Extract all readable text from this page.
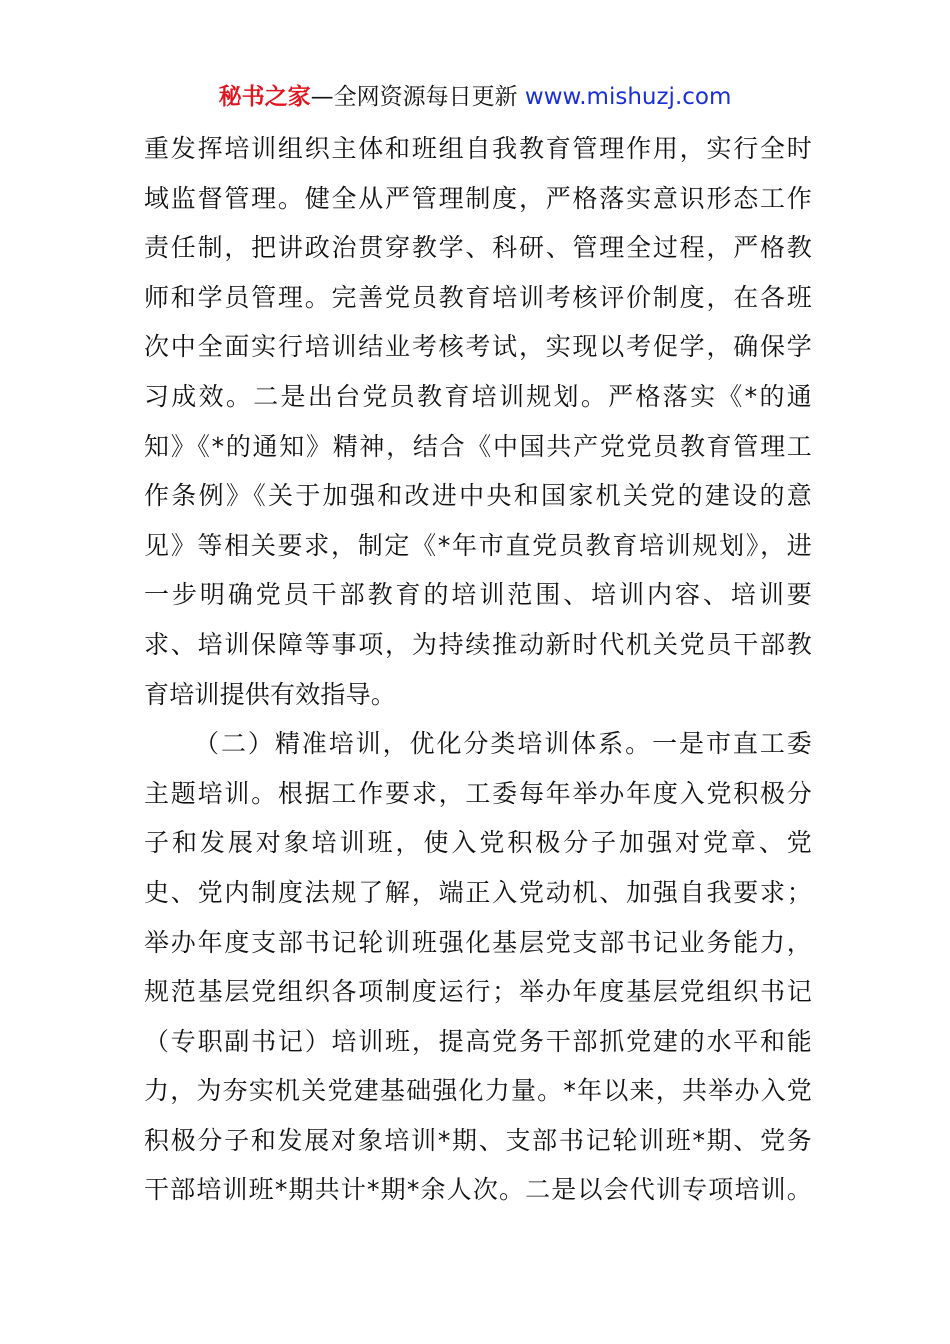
秘书之家—全网资源每日更新 www.mishuzj.com
重发挥培训组织主体和班组自我教育管理作用，实行全时
域监督管理。健全从严管理制度，严格落实意识形态工作
责任制，把讲政治贯穿教学、科研、管理全过程，严格教
师和学员管理。完善党员教育培训考核评价制度，在各班
次中全面实行培训结业考核考试，实现以考促学，确保学
习成效。二是出台党员教育培训规划。严格落实《*的通
知》《*的通知》精神，结合《中国共产党党员教育管理工
作条例》《关于加强和改进中央和国家机关党的建设的意
见》等相关要求，制定《*年市直党员教育培训规划》，进
一步明确党员干部教育的培训范围、培训内容、培训要
求、培训保障等事项，为持续推动新时代机关党员干部教
育培训提供有效指导。
（二）精准培训，优化分类培训体系。一是市直工委
主题培训。根据工作要求，工委每年举办年度入党积极分
子和发展对象培训班，使入党积极分子加强对党章、党
史、党内制度法规了解，端正入党动机、加强自我要求；
举办年度支部书记轮训班强化基层党支部书记业务能力，
规范基层党组织各项制度运行；举办年度基层党组织书记
（专职副书记）培训班，提高党务干部抓党建的水平和能
力，为夯实机关党建基础强化力量。*年以来，共举办入党
积极分子和发展对象培训*期、支部书记轮训班*期、党务
干部培训班*期共计*期*余人次。二是以会代训专项培训。
